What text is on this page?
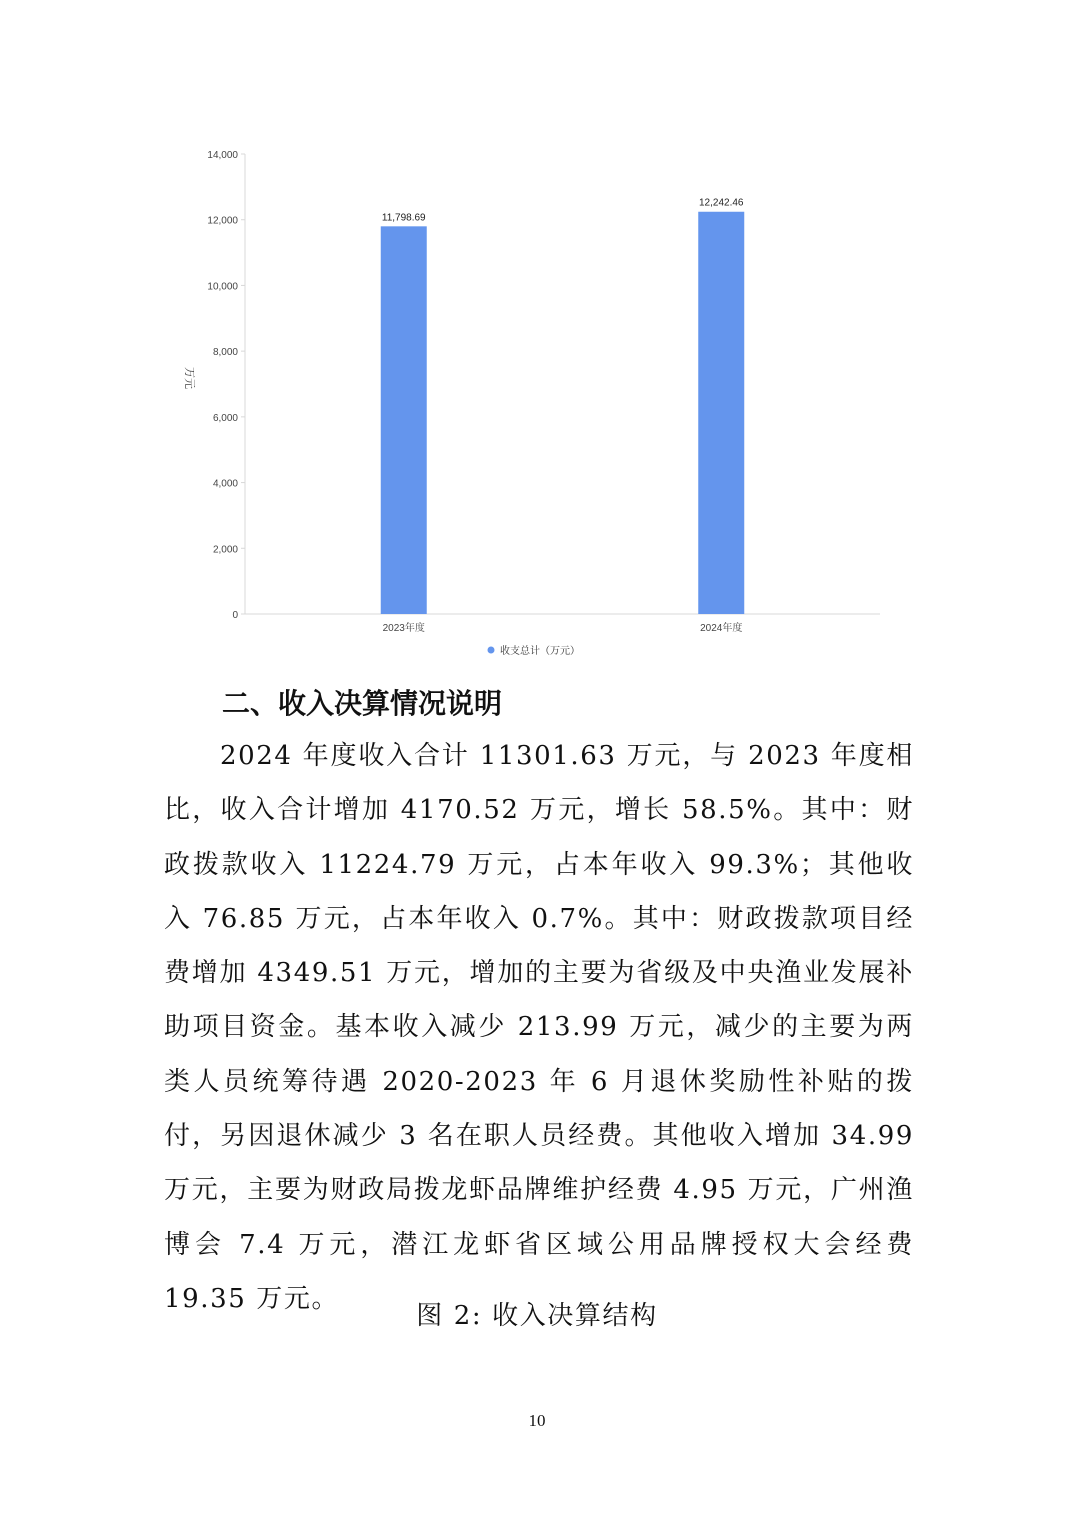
0
2,000
4,000
6,000
8,000
10,000
12,000
14,000
万元
11,798.69
2023年度
12,242.46
2024年度
收支总计（万元）
二、收入决算情况说明

2024 年度收入合计 11301.63 万元，与 2023 年度相比，收入合计增加 4170.52 万元，增长 58.5%。其中：财政拨款收入 11224.79 万元，占本年收入 99.3%；其他收入 76.85 万元，占本年收入 0.7%。其中：财政拨款项目经费增加 4349.51 万元，增加的主要为省级及中央渔业发展补助项目资金。基本收入减少 213.99 万元，减少的主要为两类人员统筹待遇 2020-2023 年 6 月退休奖励性补贴的拨付，另因退休减少 3 名在职人员经费。其他收入增加 34.99 万元，主要为财政局拨龙虾品牌维护经费 4.95 万元，广州渔博会 7.4 万元，潜江龙虾省区域公用品牌授权大会经费 19.35 万元。

图 2: 收入决算结构
10
